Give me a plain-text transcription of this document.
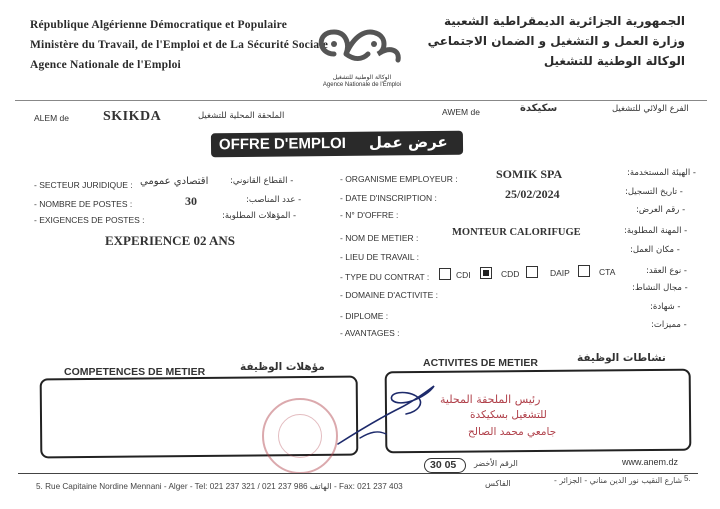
République Algérienne Démocratique et Populaire
Ministère du Travail, de l'Emploi et de La Sécurité Sociale
Agence Nationale de l'Emploi
الوكالة الوطنية للتشغيل
Agence Nationale de l'Emploi
الجمهورية الجزائرية الديمقراطية الشعبية
وزارة العمل و التشغيل و الضمان الاجتماعي
الوكالة الوطنية للتشغيل
ALEM de SKIKDA	الملحقة المحلية للتشغيل	AWEM de	سكيكدة	الفرع الولائي للتشغيل
OFFRE D'EMPLOI عرض عمل
- SECTEUR JURIDIQUE : اقتصادي عمومي	- القطاع القانوني:
- NOMBRE DE POSTES :	30	- عدد المناصب:
- EXIGENCES DE POSTES :	- المؤهلات المطلوبة:
EXPERIENCE 02 ANS
- ORGANISME EMPLOYEUR :	SOMIK SPA	- الهيئة المستخدمة:
- DATE D'INSCRIPTION :	25/02/2024	- تاريخ التسجيل:
- N° D'OFFRE :	- رقم العرض:
- NOM DE METIER :	MONTEUR CALORIFUGE	- المهنة المطلوبة:
- LIEU DE TRAVAIL :
- مكان العمل:
- TYPE DU CONTRAT :
- نوع العقد:
CDI	CDD	DAIP	CTA
- DOMAINE D'ACTIVITE :
- مجال النشاط:
- DIPLOME :
- شهادة:
- AVANTAGES :
- مميزات:
COMPETENCES DE METIER	مؤهلات الوظيفة	ACTIVITES DE METIER	نشاطات الوظيفة
رئيس الملحقة المحلية
للتشغيل بسكيكدة
جامعي محمد الصالح
30 05 الرقم الأخضر	www.anem.dz
5. Rue Capitaine Nordine Mennani - Alger - Tel: 021 237 321 / 021 237 986 الهاتف - Fax: 021 237 403	الفاكس	شارع النقيب نور الدين مناني - الجزائر - 5.
